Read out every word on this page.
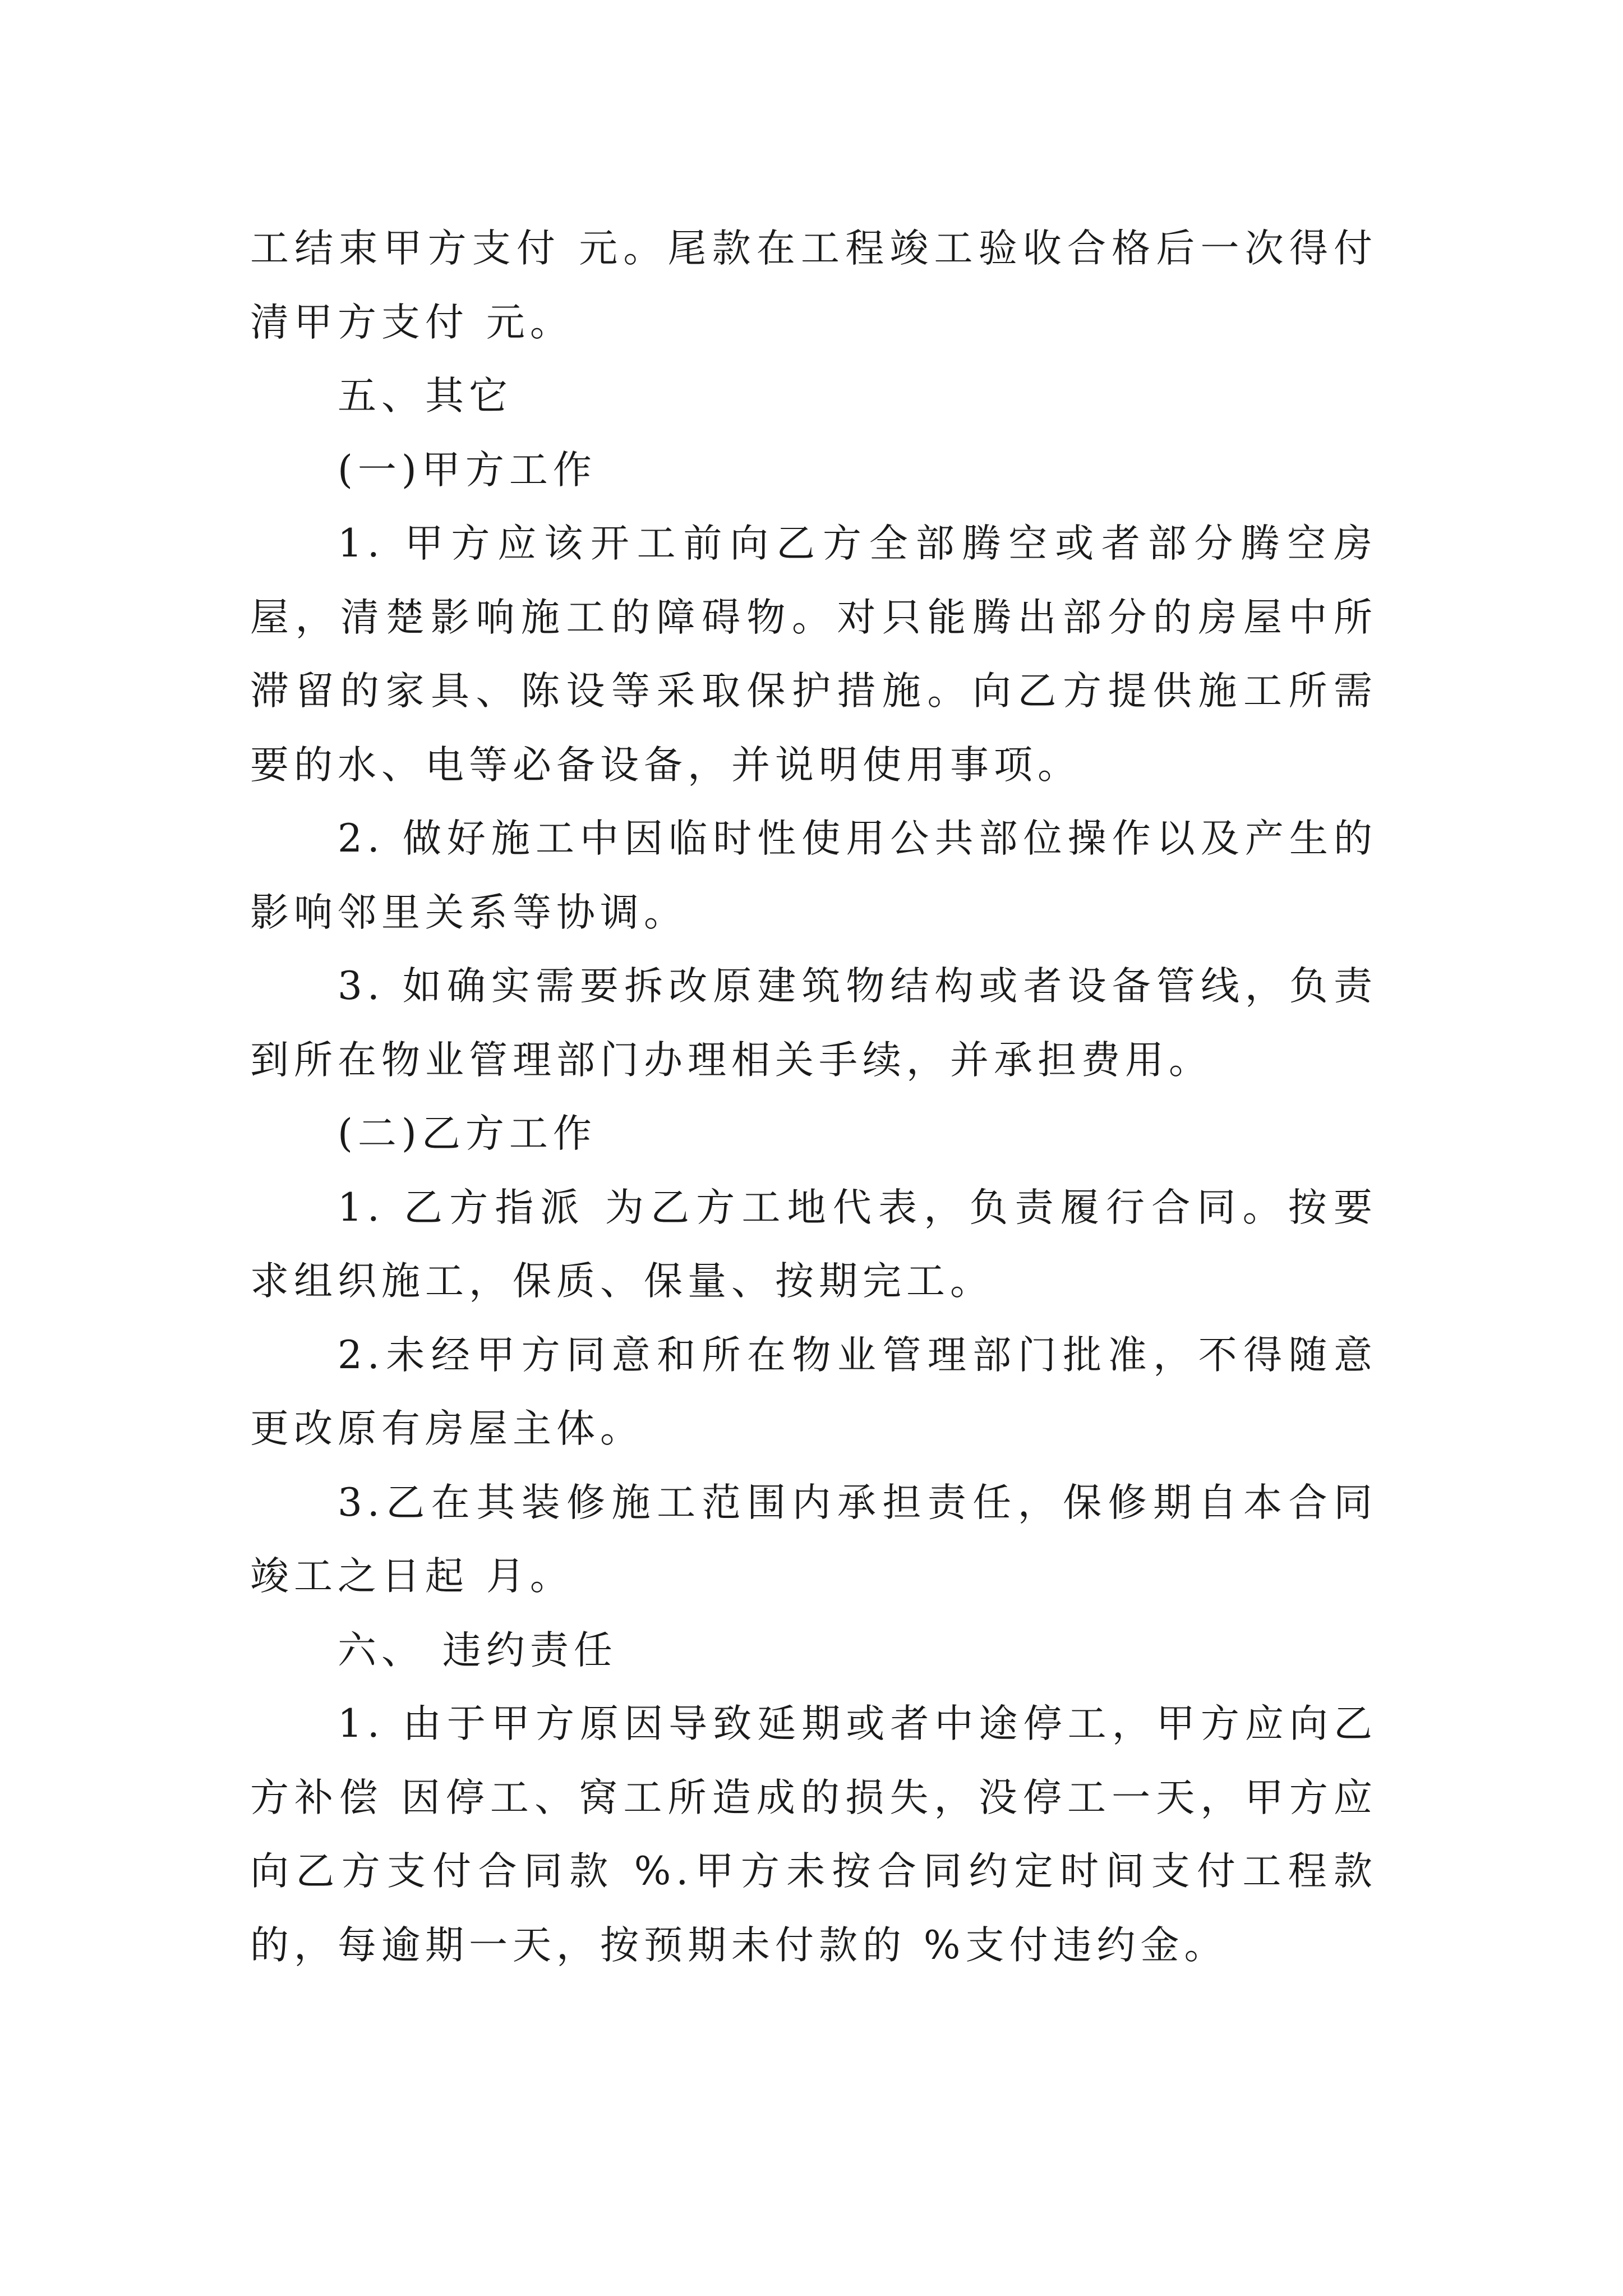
工结束甲方支付 元。尾款在工程竣工验收合格后一次得付清甲方支付 元。

五、其它

(一)甲方工作

1. 甲方应该开工前向乙方全部腾空或者部分腾空房屋，清楚影响施工的障碍物。对只能腾出部分的房屋中所滞留的家具、陈设等采取保护措施。向乙方提供施工所需要的水、电等必备设备，并说明使用事项。

2. 做好施工中因临时性使用公共部位操作以及产生的影响邻里关系等协调。

3. 如确实需要拆改原建筑物结构或者设备管线，负责到所在物业管理部门办理相关手续，并承担费用。

(二)乙方工作

1. 乙方指派 为乙方工地代表，负责履行合同。按要求组织施工，保质、保量、按期完工。

2.未经甲方同意和所在物业管理部门批准，不得随意更改原有房屋主体。

3.乙在其装修施工范围内承担责任，保修期自本合同竣工之日起 月。

六、 违约责任

1. 由于甲方原因导致延期或者中途停工，甲方应向乙方补偿 因停工、窝工所造成的损失，没停工一天，甲方应向乙方支付合同款 %.甲方未按合同约定时间支付工程款的，每逾期一天，按预期未付款的 %支付违约金。
